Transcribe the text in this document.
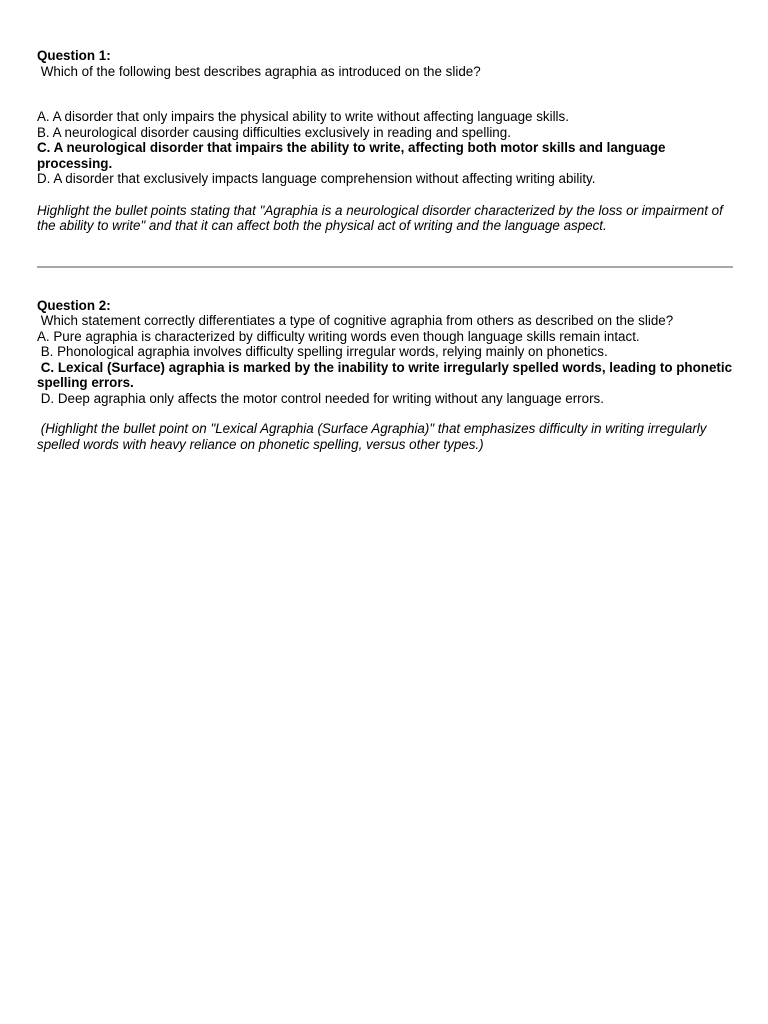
Question 1:
Which of the following best describes agraphia as introduced on the slide?
A. A disorder that only impairs the physical ability to write without affecting language skills.
B. A neurological disorder causing difficulties exclusively in reading and spelling.
C. A neurological disorder that impairs the ability to write, affecting both motor skills and language processing.
D. A disorder that exclusively impacts language comprehension without affecting writing ability.
Highlight the bullet points stating that "Agraphia is a neurological disorder characterized by the loss or impairment of the ability to write" and that it can affect both the physical act of writing and the language aspect.
Question 2:
Which statement correctly differentiates a type of cognitive agraphia from others as described on the slide?
A. Pure agraphia is characterized by difficulty writing words even though language skills remain intact.
B. Phonological agraphia involves difficulty spelling irregular words, relying mainly on phonetics.
C. Lexical (Surface) agraphia is marked by the inability to write irregularly spelled words, leading to phonetic spelling errors.
D. Deep agraphia only affects the motor control needed for writing without any language errors.
(Highlight the bullet point on "Lexical Agraphia (Surface Agraphia)" that emphasizes difficulty in writing irregularly spelled words with heavy reliance on phonetic spelling, versus other types.)
